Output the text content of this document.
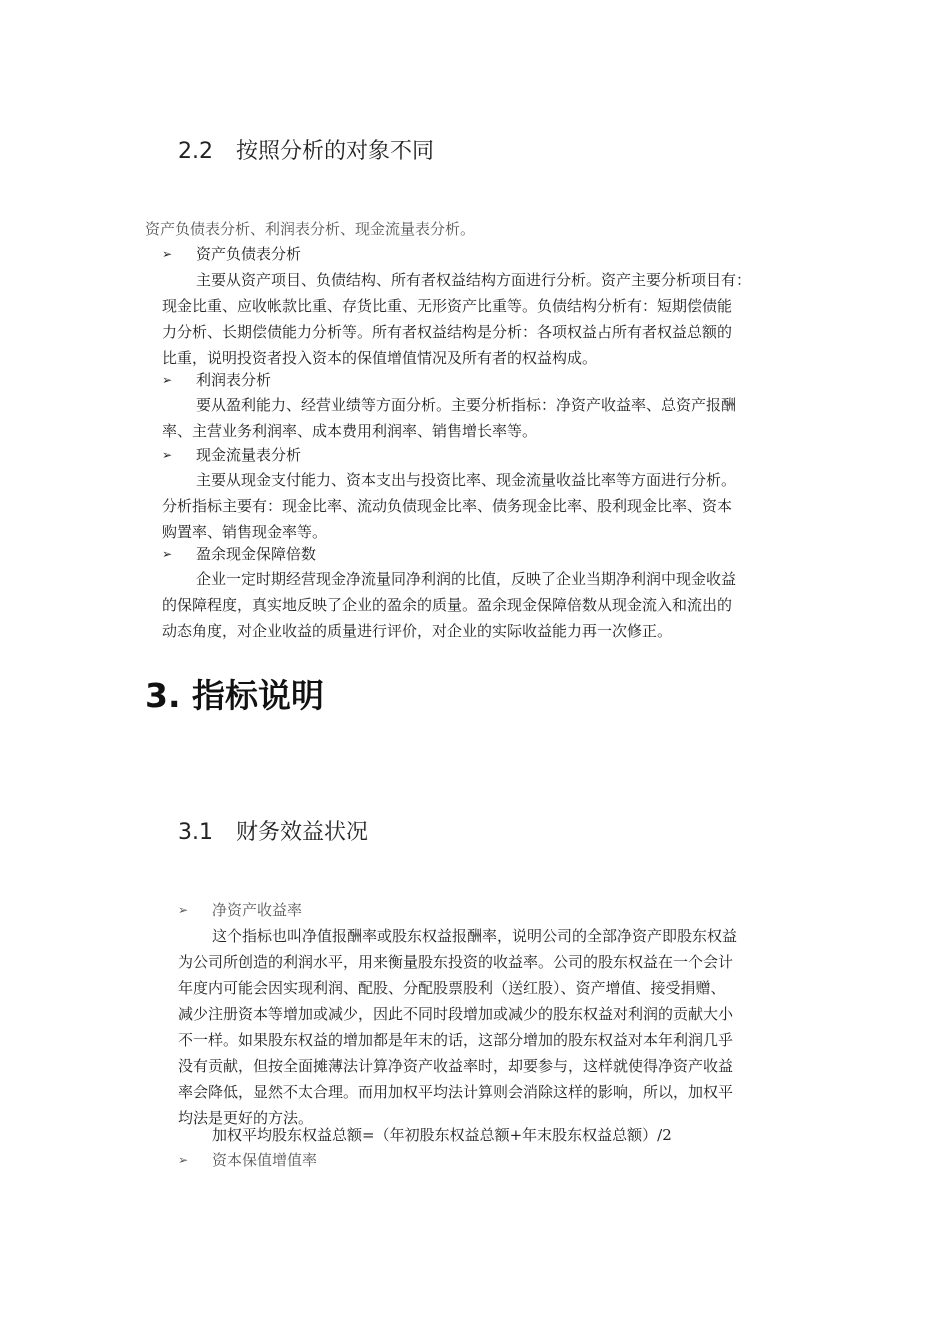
2.2 按照分析的对象不同
资产负债表分析、利润表分析、现金流量表分析。
➢ 资产负债表分析
主要从资产项目、负债结构、所有者权益结构方面进行分析。资产主要分析项目有：
现金比重、应收帐款比重、存货比重、无形资产比重等。负债结构分析有：短期偿债能
力分析、长期偿债能力分析等。所有者权益结构是分析：各项权益占所有者权益总额的
比重，说明投资者投入资本的保值增值情况及所有者的权益构成。
➢ 利润表分析
要从盈利能力、经营业绩等方面分析。主要分析指标：净资产收益率、总资产报酬
率、主营业务利润率、成本费用利润率、销售增长率等。
➢ 现金流量表分析
主要从现金支付能力、资本支出与投资比率、现金流量收益比率等方面进行分析。
分析指标主要有：现金比率、流动负债现金比率、债务现金比率、股利现金比率、资本
购置率、销售现金率等。
➢ 盈余现金保障倍数
企业一定时期经营现金净流量同净利润的比值，反映了企业当期净利润中现金收益
的保障程度，真实地反映了企业的盈余的质量。盈余现金保障倍数从现金流入和流出的
动态角度，对企业收益的质量进行评价，对企业的实际收益能力再一次修正。
3. 指标说明
3.1 财务效益状况
➢ 净资产收益率
这个指标也叫净值报酬率或股东权益报酬率，说明公司的全部净资产即股东权益
为公司所创造的利润水平，用来衡量股东投资的收益率。公司的股东权益在一个会计
年度内可能会因实现利润、配股、分配股票股利（送红股）、资产增值、接受捐赠、
减少注册资本等增加或减少，因此不同时段增加或减少的股东权益对利润的贡献大小
不一样。如果股东权益的增加都是年末的话，这部分增加的股东权益对本年利润几乎
没有贡献，但按全面摊薄法计算净资产收益率时，却要参与，这样就使得净资产收益
率会降低，显然不太合理。而用加权平均法计算则会消除这样的影响，所以，加权平
均法是更好的方法。
加权平均股东权益总额=（年初股东权益总额+年末股东权益总额）/2
➢ 资本保值增值率
